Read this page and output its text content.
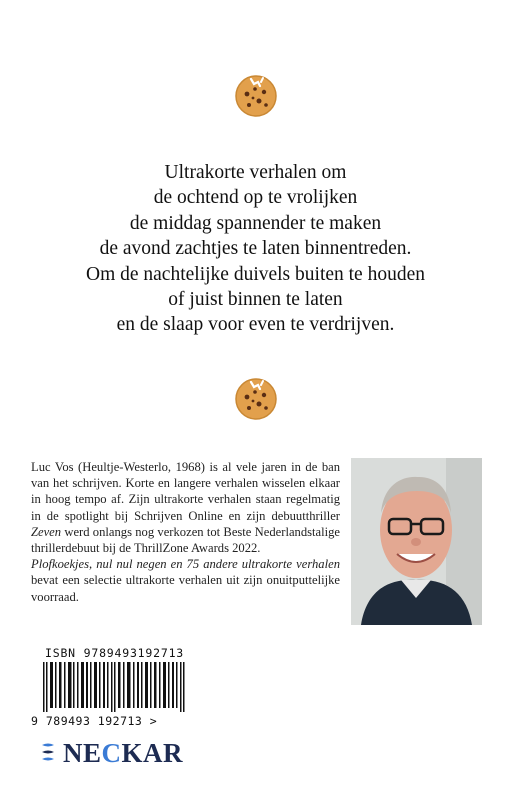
Ultrakorte verhalen om
de ochtend op te vrolijken
de middag spannender te maken
de avond zachtjes te laten binnentreden.
Om de nachtelijke duivels buiten te houden
of juist binnen te laten
en de slaap voor even te verdrijven.
Luc Vos (Heultje-Westerlo, 1968) is al vele jaren in de ban van het schrijven. Korte en langere verhalen wisselen elkaar in hoog tempo af. Zijn ultrakorte verhalen staan regelmatig in de spotlight bij Schrijven Online en zijn debuutthriller Zeven werd onlangs nog verkozen tot Beste Nederlandstalige thrillerdebuut bij de ThrillZone Awards 2022.
Plofkoekjes, nul nul negen en 75 andere ultrakorte verhalen bevat een selectie ultrakorte verhalen uit zijn onuitputtelijke voorraad.
ISBN 9789493192713
9 789493 192713 >
NECKAR
